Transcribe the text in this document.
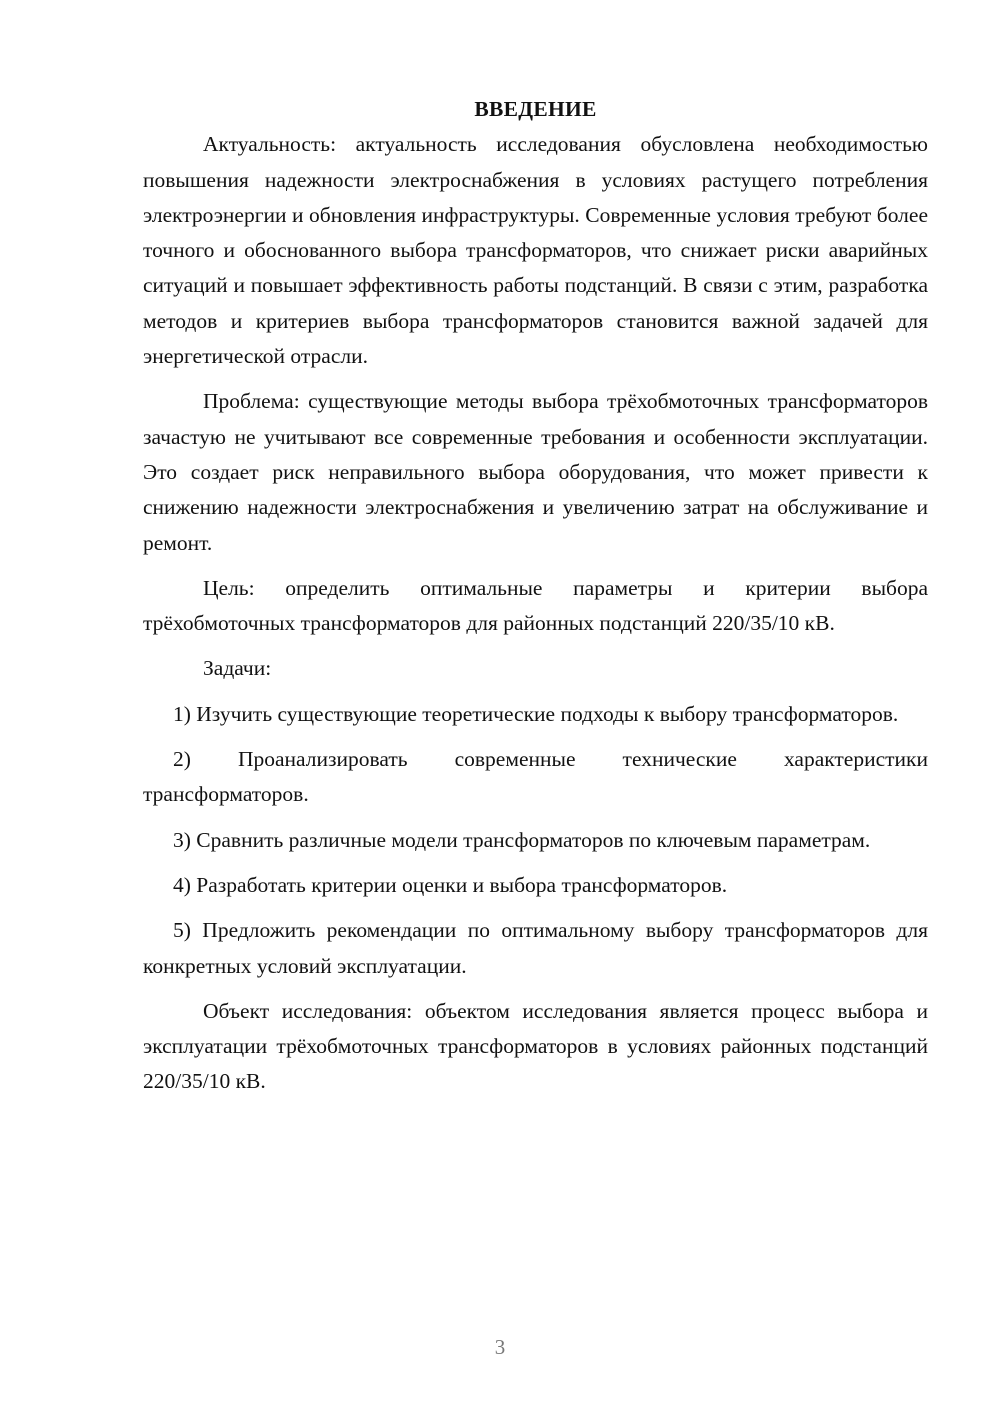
ВВЕДЕНИЕ

Актуальность: актуальность исследования обусловлена необходимостью повышения надежности электроснабжения в условиях растущего потребления электроэнергии и обновления инфраструктуры. Современные условия требуют более точного и обоснованного выбора трансформаторов, что снижает риски аварийных ситуаций и повышает эффективность работы подстанций. В связи с этим, разработка методов и критериев выбора трансформаторов становится важной задачей для энергетической отрасли.

Проблема: существующие методы выбора трёхобмоточных трансформаторов зачастую не учитывают все современные требования и особенности эксплуатации. Это создает риск неправильного выбора оборудования, что может привести к снижению надежности электроснабжения и увеличению затрат на обслуживание и ремонт.

Цель: определить оптимальные параметры и критерии выбора трёхобмоточных трансформаторов для районных подстанций 220/35/10 кВ.

Задачи:

1) Изучить существующие теоретические подходы к выбору трансформаторов.

2) Проанализировать современные технические характеристики трансформаторов.

3) Сравнить различные модели трансформаторов по ключевым параметрам.

4) Разработать критерии оценки и выбора трансформаторов.

5) Предложить рекомендации по оптимальному выбору трансформаторов для конкретных условий эксплуатации.

Объект исследования: объектом исследования является процесс выбора и эксплуатации трёхобмоточных трансформаторов в условиях районных подстанций 220/35/10 кВ.

3
